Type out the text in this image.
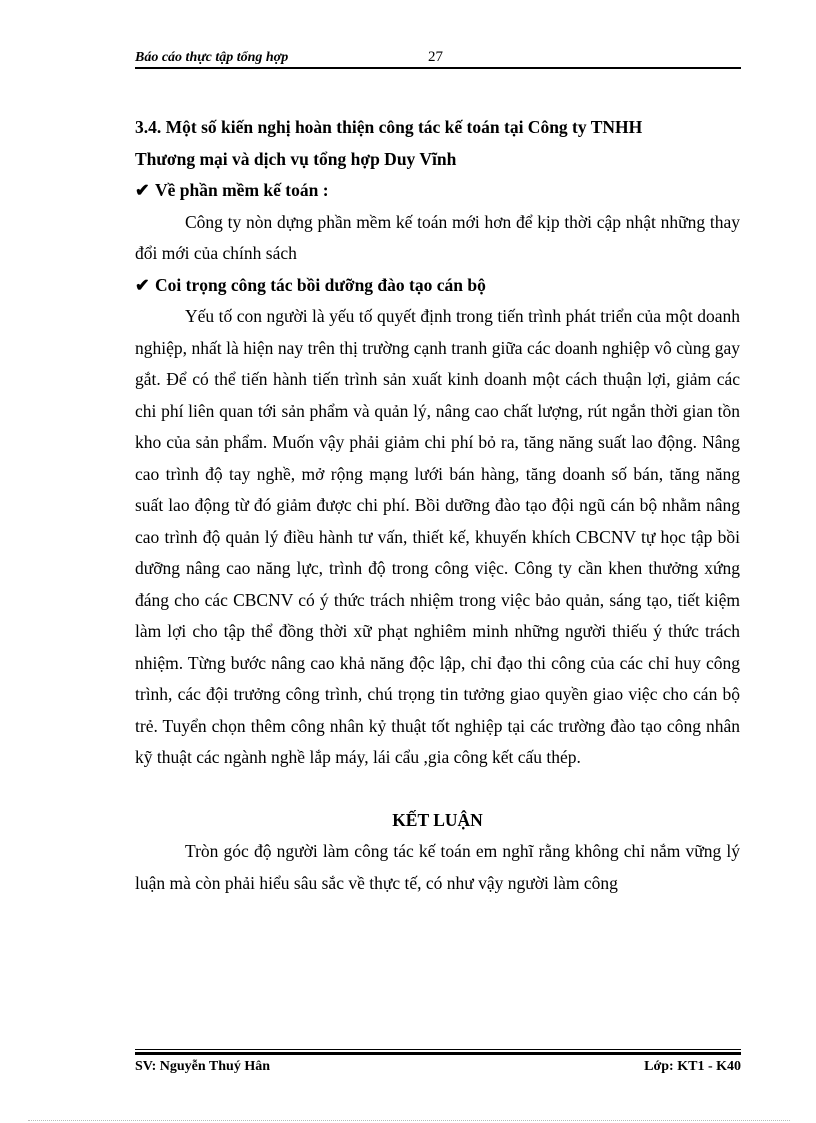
Báo cáo thực tập tổng hợp	27
3.4. Một số kiến nghị hoàn thiện công tác kế toán tại Công ty TNHH
Thương mại và dịch vụ tổng hợp Duy Vĩnh
✔ Về phần mềm kế toán :

Công ty nòn dựng phần mềm kế toán mới hơn để kịp thời cập nhật những thay đổi mới của chính sách

✔ Coi trọng công tác bồi dưỡng đào tạo cán bộ

Yếu tố con người là yếu tố quyết định trong tiến trình phát triển của một doanh nghiệp, nhất là hiện nay trên thị trường cạnh tranh giữa các doanh nghiệp vô cùng gay gắt. Để có thể tiến hành tiến trình sản xuất kinh doanh một cách thuận lợi, giảm các chi phí liên quan tới sản phẩm và quản lý, nâng cao chất lượng, rút ngắn thời gian tồn kho của sản phẩm. Muốn vậy phải giảm chi phí bỏ ra, tăng năng suất lao động. Nâng cao trình độ tay nghề, mở rộng mạng lưới bán hàng, tăng doanh số bán, tăng năng suất lao động từ đó giảm được chi phí. Bồi dưỡng đào tạo đội ngũ cán bộ nhằm nâng cao trình độ quản lý điều hành tư vấn, thiết kế, khuyến khích CBCNV tự học tập bồi dưỡng nâng cao năng lực, trình độ trong công việc. Công ty cần khen thưởng xứng đáng cho các CBCNV có ý thức trách nhiệm trong việc bảo quản, sáng tạo, tiết kiệm làm lợi cho tập thể đồng thời xữ phạt nghiêm minh những người thiếu ý thức trách nhiệm. Từng bước nâng cao khả năng độc lập, chỉ đạo thi công của các chỉ huy công trình, các đội trưởng công trình, chú trọng tin tưởng giao quyền giao việc cho cán bộ trẻ. Tuyển chọn thêm công nhân kỷ thuật tốt nghiệp tại các trường đào tạo công nhân kỹ thuật các ngành nghề lắp máy, lái cẩu ,gia công kết cấu thép.

KẾT LUẬN

Tròn góc độ người làm công tác kế toán em nghĩ rằng không chỉ nắm vững lý luận mà còn phải hiểu sâu sắc về thực tế, có như vậy người làm công

SV: Nguyễn Thuý Hân	Lớp: KT1 - K40
